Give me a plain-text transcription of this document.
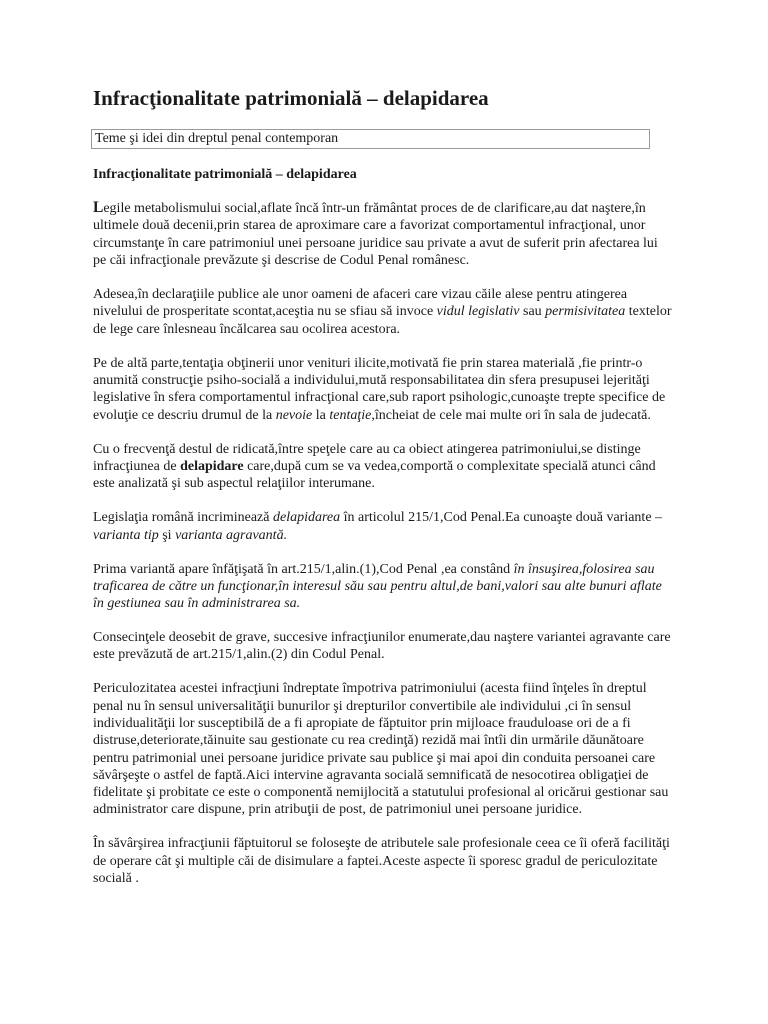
Infracţionalitate patrimonială – delapidarea
Teme şi idei din dreptul penal contemporan
Infracţionalitate patrimonială – delapidarea

Legile metabolismului social,aflate încă într-un frământat proces de de clarificare,au dat naştere,în ultimele două decenii,prin starea de aproximare care a favorizat comportamentul infracţional, unor circumstanţe în care patrimoniul unei persoane juridice sau private a avut de suferit prin afectarea lui pe căi infracţionale prevăzute şi descrise de Codul Penal românesc.

Adesea,în declaraţiile publice ale unor oameni de afaceri care vizau căile alese pentru atingerea nivelului de prosperitate scontat,aceştia nu se sfiau să invoce vidul legislativ sau permisivitatea textelor de lege care înlesneau încălcarea sau ocolirea acestora.

Pe de altă parte,tentaţia obţinerii unor venituri ilicite,motivată fie prin starea materială ,fie printr-o anumită construcţie psiho-socială a individului,mută responsabilitatea din sfera presupusei lejerităţi legislative în sfera comportamentul infracţional care,sub raport psihologic,cunoaşte trepte specifice de evoluţie ce descriu drumul de la nevoie la tentaţie,încheiat de cele mai multe ori în sala de judecată.

Cu o frecvenţă destul de ridicată,între speţele care au ca obiect atingerea patrimoniului,se distinge infracţiunea de delapidare care,după cum se va vedea,comportă o complexitate specială atunci când este analizată şi sub aspectul relaţiilor interumane.

Legislaţia română incriminează delapidarea în articolul 215/1,Cod Penal.Ea cunoaşte două variante – varianta tip şi varianta agravantă.

Prima variantă apare înfăţişată în art.215/1,alin.(1),Cod Penal ,ea constând în însuşirea,folosirea sau traficarea de către un funcţionar,în interesul său sau pentru altul,de bani,valori sau alte bunuri aflate în gestiunea sau în administrarea sa.

Consecinţele deosebit de grave, succesive infracţiunilor enumerate,dau naştere variantei agravante care este prevăzută de art.215/1,alin.(2) din Codul Penal.

Periculozitatea acestei infracţiuni îndreptate împotriva patrimoniului (acesta fiind înţeles în dreptul penal nu în sensul universalităţii bunurilor şi drepturilor convertibile ale individului ,ci în sensul individualităţii lor susceptibilă de a fi apropiate de făptuitor prin mijloace frauduloase ori de a fi distruse,deteriorate,tăinuite sau gestionate cu rea credinţă) rezidă mai întîi din urmările dăunătoare pentru patrimonial unei persoane juridice private sau publice şi mai apoi din conduita persoanei care săvârşeşte o astfel de faptă.Aici intervine agravanta socială semnificată de nesocotirea obligaţiei de fidelitate şi probitate ce este o componentă nemijlocită a statutului profesional al oricărui gestionar sau administrator care dispune, prin atribuţii de post, de patrimoniul unei persoane juridice.

În săvârşirea infracţiunii făptuitorul se foloseşte de atributele sale profesionale ceea ce îi oferă facilităţi de operare cât şi multiple căi de disimulare a faptei.Aceste aspecte îi sporesc gradul de periculozitate socială .
